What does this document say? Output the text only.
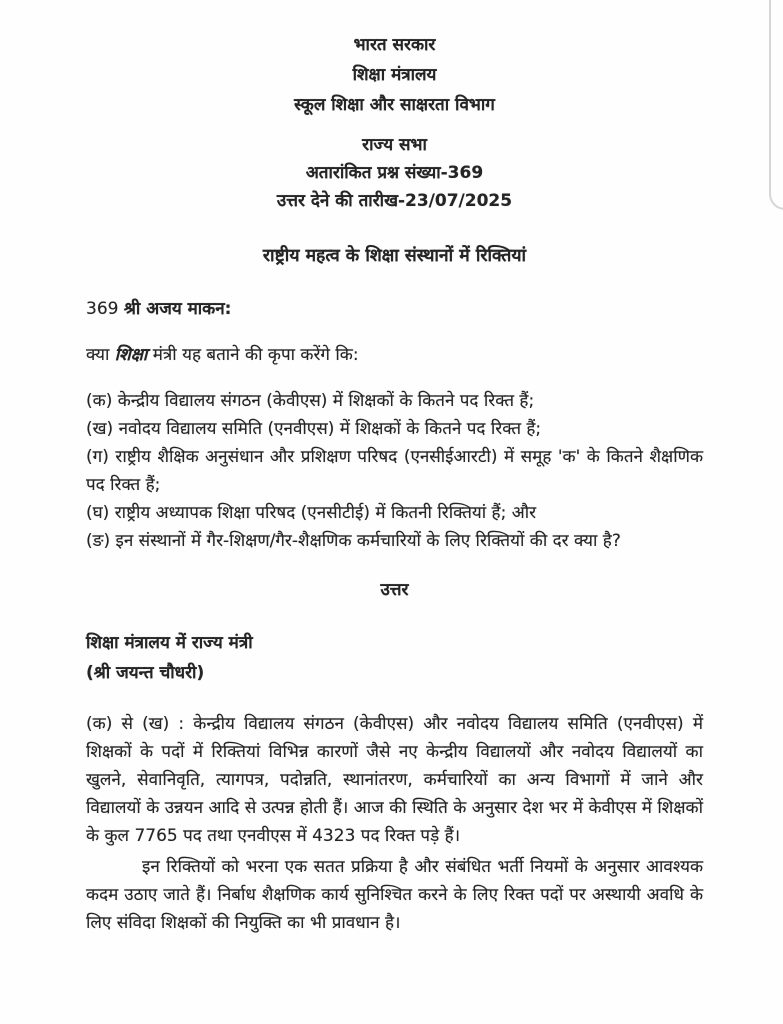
भारत सरकार
शिक्षा मंत्रालय
स्कूल शिक्षा और साक्षरता विभाग
राज्य सभा
अतारांकित प्रश्न संख्या-369
उत्तर देने की तारीख-23/07/2025
राष्ट्रीय महत्व के शिक्षा संस्थानों में रिक्तियां
369 श्री अजय माकन:
क्या शिक्षा मंत्री यह बताने की कृपा करेंगे कि:
(क) केन्द्रीय विद्यालय संगठन (केवीएस) में शिक्षकों के कितने पद रिक्त हैं;
(ख) नवोदय विद्यालय समिति (एनवीएस) में शिक्षकों के कितने पद रिक्त हैं;
(ग) राष्ट्रीय शैक्षिक अनुसंधान और प्रशिक्षण परिषद (एनसीईआरटी) में समूह 'क' के कितने शैक्षणिक पद रिक्त हैं;
(घ) राष्ट्रीय अध्यापक शिक्षा परिषद (एनसीटीई) में कितनी रिक्तियां हैं; और
(ङ) इन संस्थानों में गैर-शिक्षण/गैर-शैक्षणिक कर्मचारियों के लिए रिक्तियों की दर क्या है?
उत्तर
शिक्षा मंत्रालय में राज्य मंत्री
(श्री जयन्त चौधरी)
(क) से (ख) : केन्द्रीय विद्यालय संगठन (केवीएस) और नवोदय विद्यालय समिति (एनवीएस) में शिक्षकों के पदों में रिक्तियां विभिन्न कारणों जैसे नए केन्द्रीय विद्यालयों और नवोदय विद्यालयों का खुलने, सेवानिवृति, त्यागपत्र, पदोन्नति, स्थानांतरण, कर्मचारियों का अन्य विभागों में जाने और विद्यालयों के उन्नयन आदि से उत्पन्न होती हैं। आज की स्थिति के अनुसार देश भर में केवीएस में शिक्षकों के कुल 7765 पद तथा एनवीएस में 4323 पद रिक्त पड़े हैं।
इन रिक्तियों को भरना एक सतत प्रक्रिया है और संबंधित भर्ती नियमों के अनुसार आवश्यक कदम उठाए जाते हैं। निर्बाध शैक्षणिक कार्य सुनिश्चित करने के लिए रिक्त पदों पर अस्थायी अवधि के लिए संविदा शिक्षकों की नियुक्ति का भी प्रावधान है।
